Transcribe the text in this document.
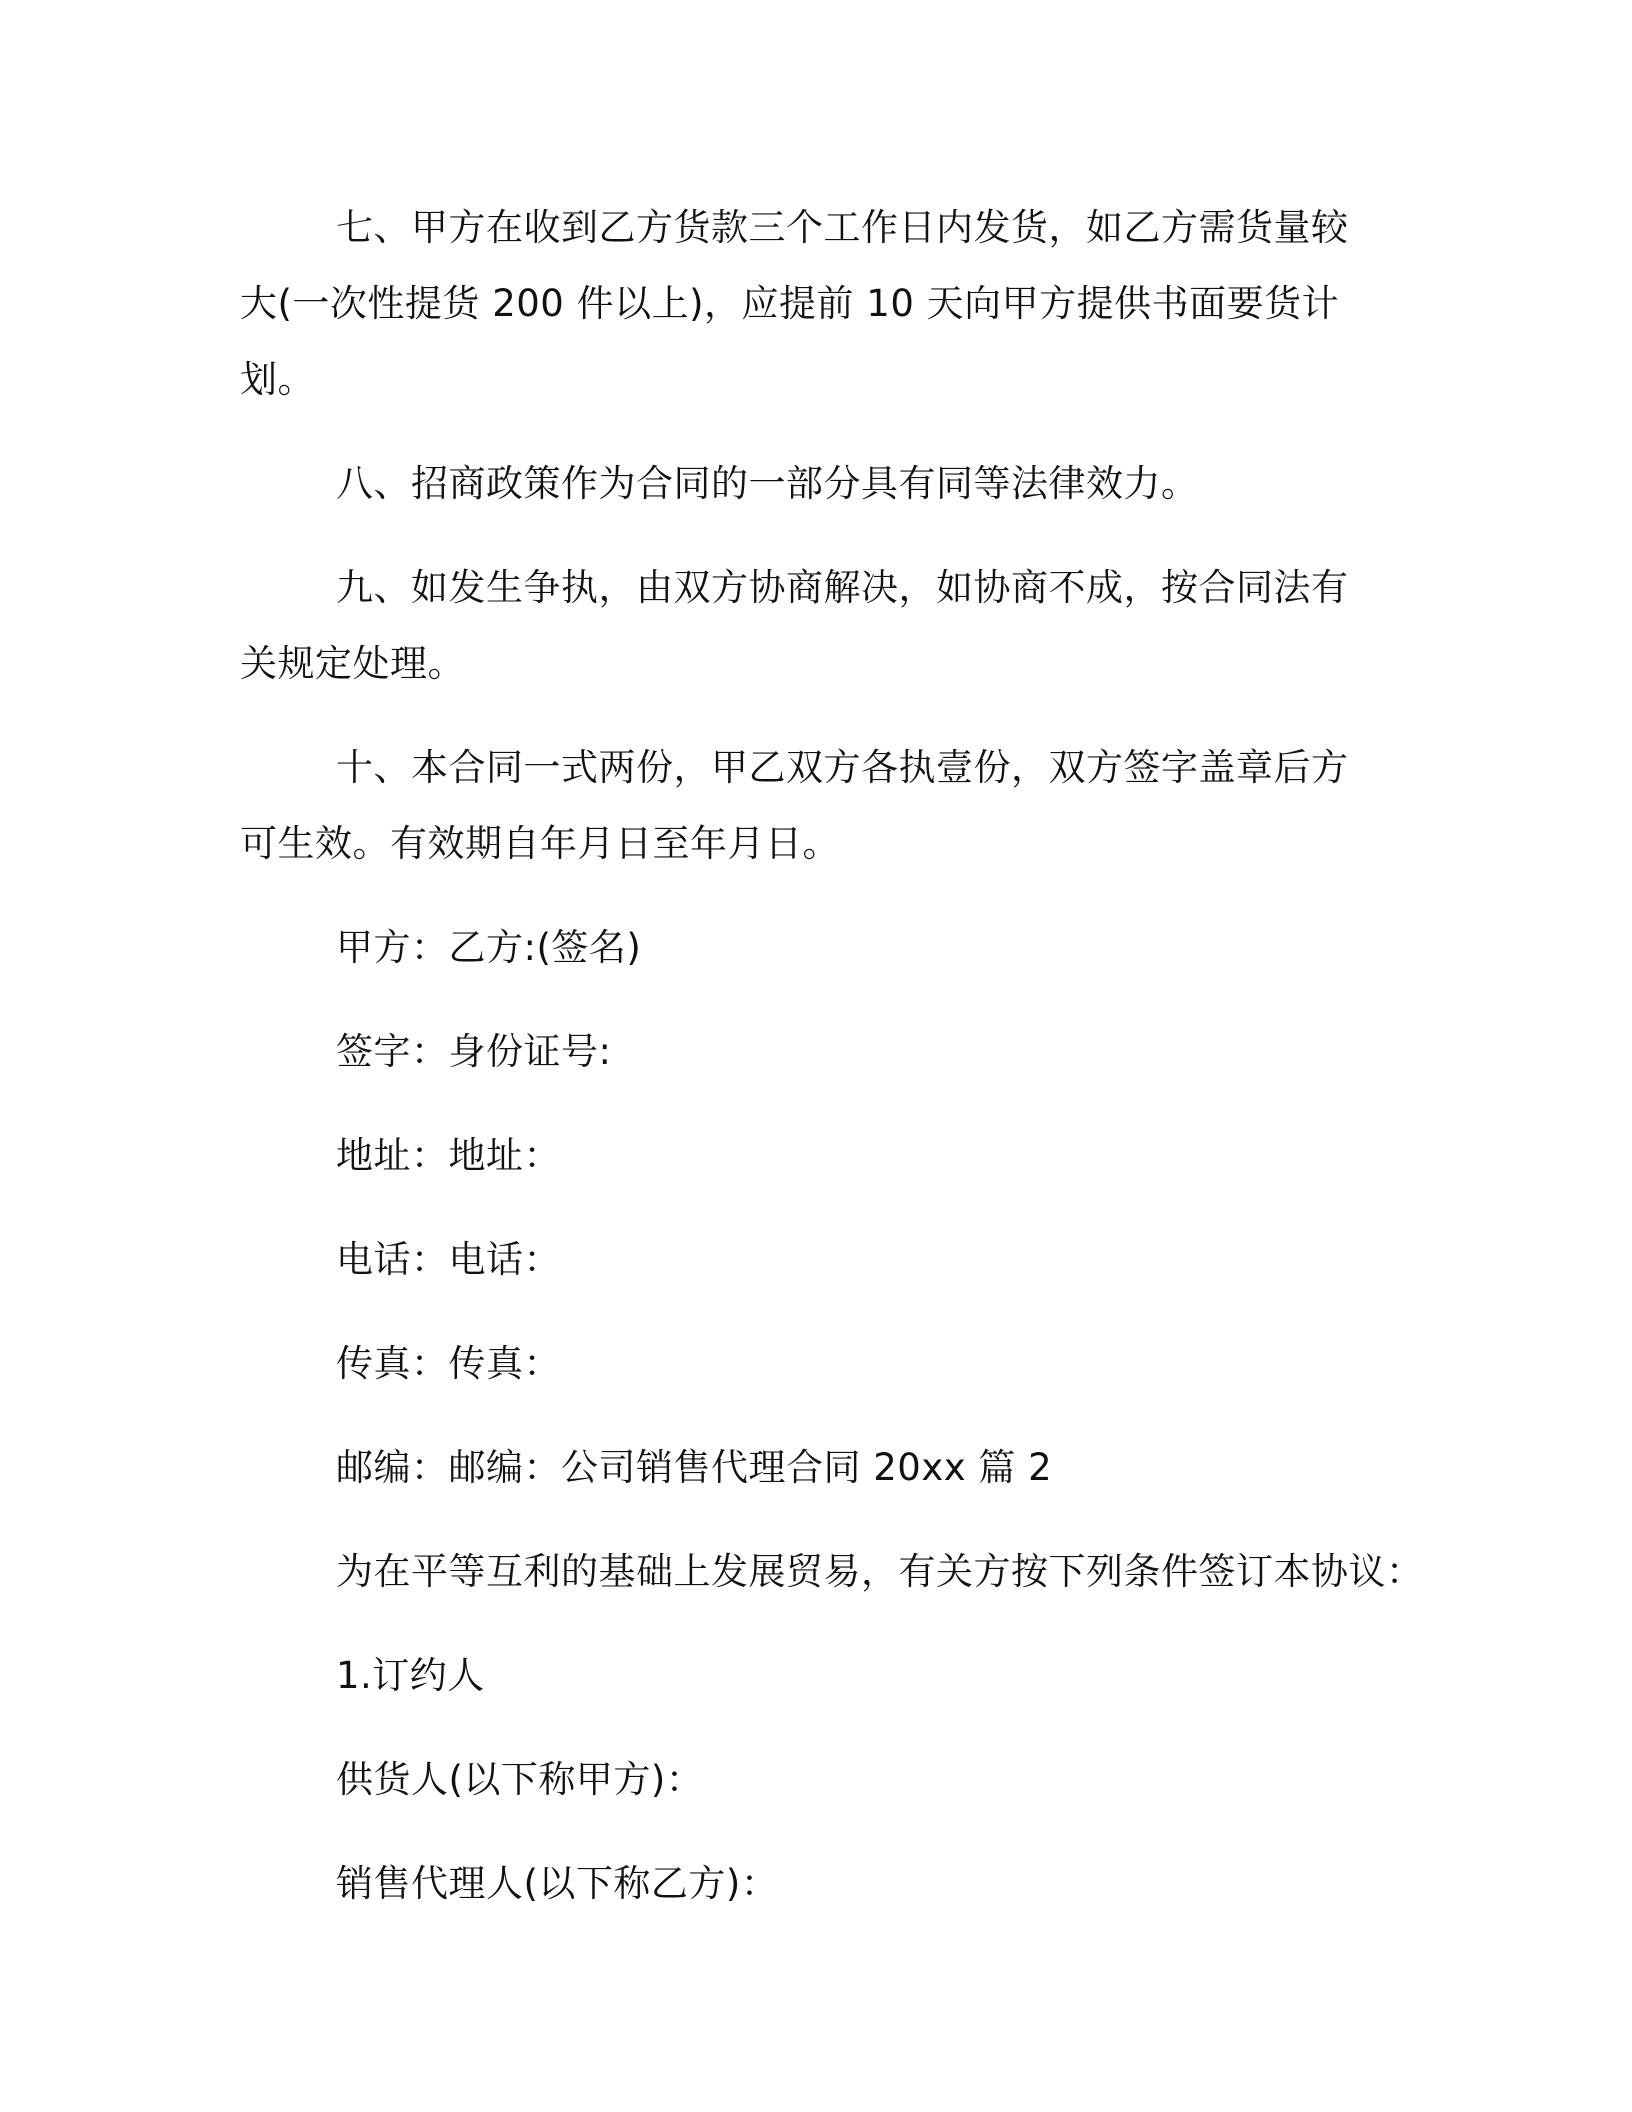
七、甲方在收到乙方货款三个工作日内发货，如乙方需货量较大(一次性提货 200 件以上)，应提前 10 天向甲方提供书面要货计划。

八、招商政策作为合同的一部分具有同等法律效力。

九、如发生争执，由双方协商解决，如协商不成，按合同法有关规定处理。

十、本合同一式两份，甲乙双方各执壹份，双方签字盖章后方可生效。有效期自年月日至年月日。

甲方：乙方:(签名)

签字：身份证号:

地址：地址：

电话：电话：

传真：传真：

邮编：邮编：公司销售代理合同 20xx 篇 2

为在平等互利的基础上发展贸易，有关方按下列条件签订本协议：

1.订约人

供货人(以下称甲方)：

销售代理人(以下称乙方)：
